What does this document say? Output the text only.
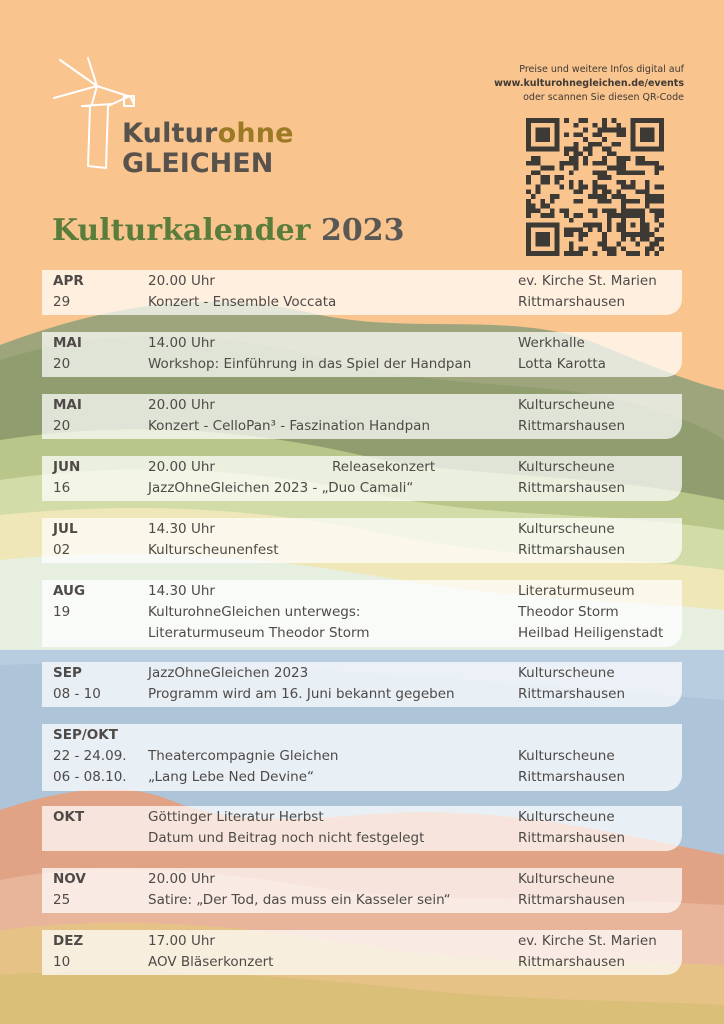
Kulturohne
GLEICHEN
Kulturkalender 2023
Preise und weitere Infos digital auf
www.kulturohnegleichen.de/events
oder scannen Sie diesen QR-Code
APR
29
20.00 Uhr
Konzert - Ensemble Voccata
ev. Kirche St. Marien
Rittmarshausen
MAI
20
14.00 Uhr
Workshop: Einführung in das Spiel der Handpan
Werkhalle
Lotta Karotta
MAI
20
20.00 Uhr
Konzert - CelloPan³ - Faszination Handpan
Kulturscheune
Rittmarshausen
JUN
16
20.00 Uhr
JazzOhneGleichen 2023 - „Duo Camali“
Releasekonzert	Kulturscheune
Rittmarshausen
JUL
02
14.30 Uhr
Kulturscheunenfest
Kulturscheune
Rittmarshausen
AUG
19
14.30 Uhr
KulturohneGleichen unterwegs:
Literaturmuseum Theodor Storm
Literaturmuseum
Theodor Storm
Heilbad Heiligenstadt
SEP
08 - 10
JazzOhneGleichen 2023
Programm wird am 16. Juni bekannt gegeben
Kulturscheune
Rittmarshausen
SEP/OKT
22 - 24.09.
06 - 08.10.
Theatercompagnie Gleichen
„Lang Lebe Ned Devine“
Kulturscheune
Rittmarshausen
OKT	Göttinger Literatur Herbst
Datum und Beitrag noch nicht festgelegt
Kulturscheune
Rittmarshausen
NOV
25
20.00 Uhr
Satire: „Der Tod, das muss ein Kasseler sein“
Kulturscheune
Rittmarshausen
DEZ
10
17.00 Uhr
AOV Bläserkonzert
ev. Kirche St. Marien
Rittmarshausen
